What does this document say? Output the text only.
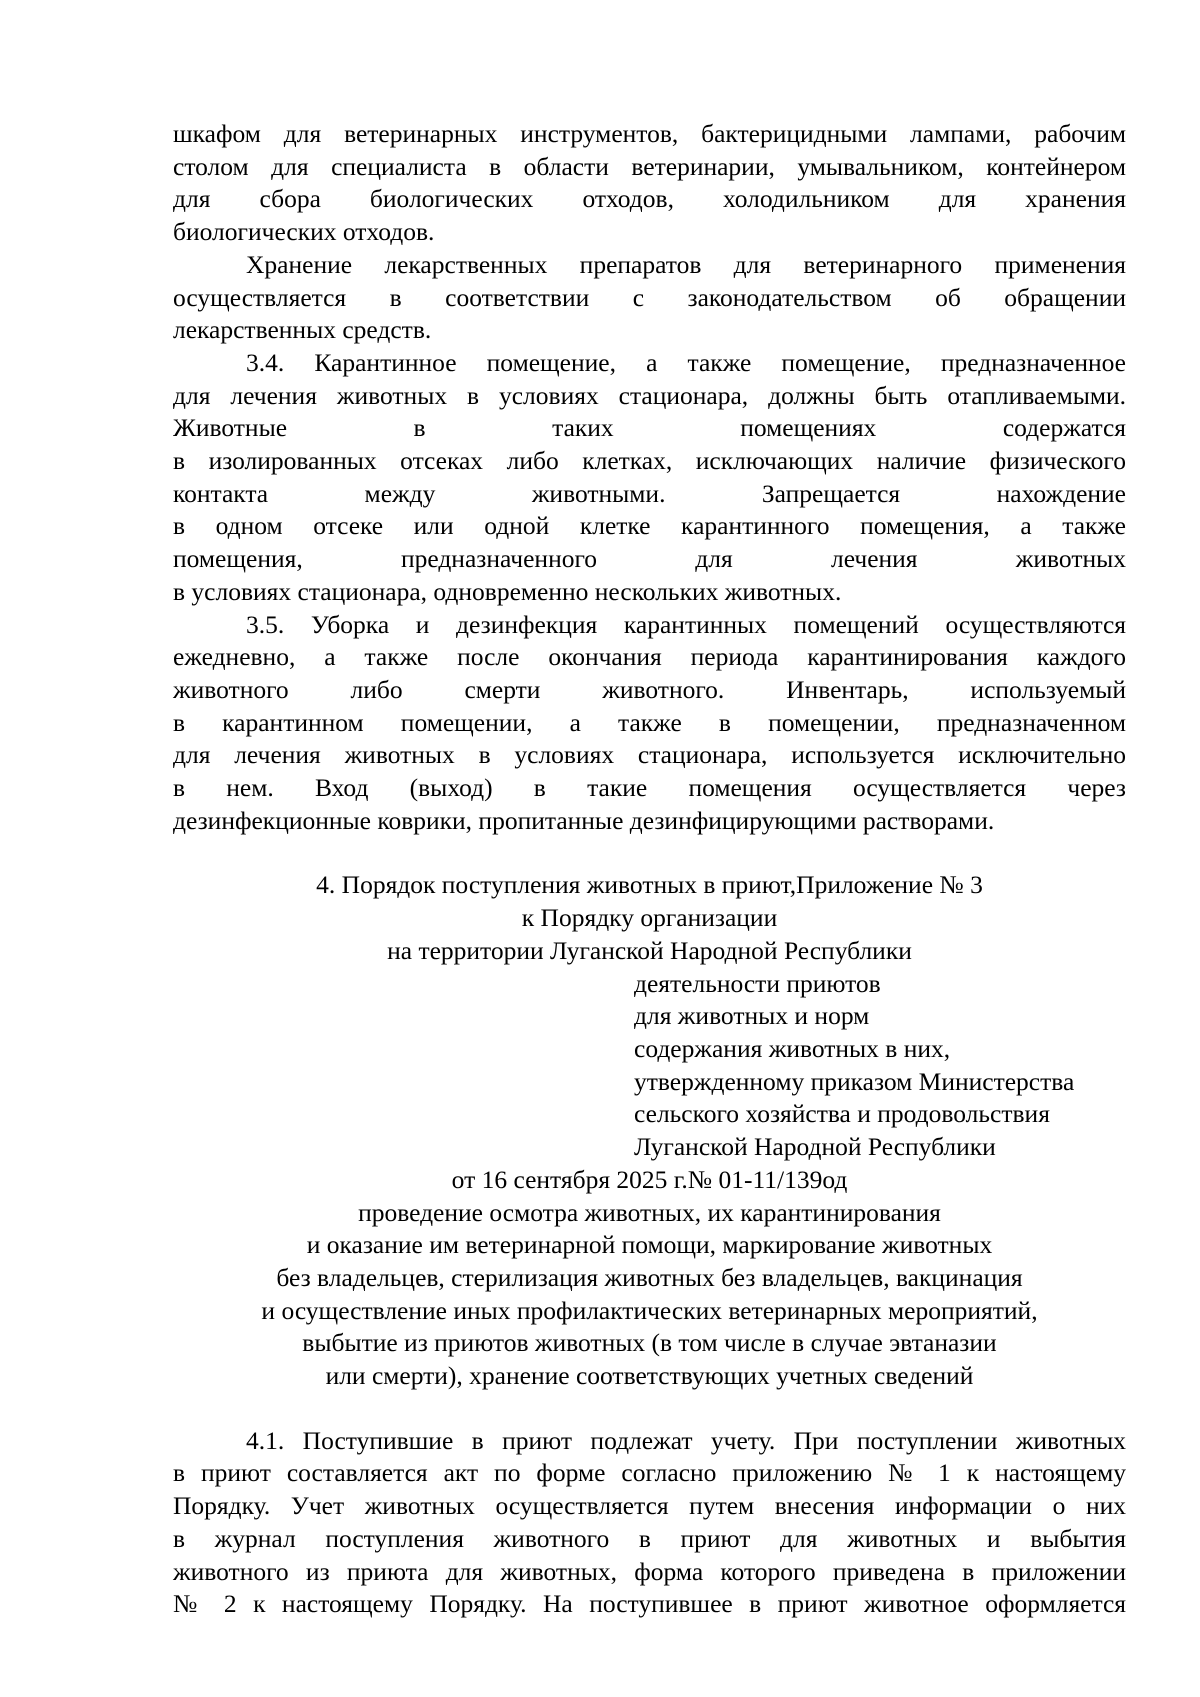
шкафом для ветеринарных инструментов, бактерицидными лампами, рабочим
столом для специалиста в области ветеринарии, умывальником, контейнером
для сбора биологических отходов, холодильником для хранения
биологических отходов.
Хранение лекарственных препаратов для ветеринарного применения
осуществляется в соответствии с законодательством об обращении
лекарственных средств.
3.4. Карантинное помещение, а также помещение, предназначенное
для лечения животных в условиях стационара, должны быть отапливаемыми.
Животные в таких помещениях содержатся
в изолированных отсеках либо клетках, исключающих наличие физического
контакта между животными. Запрещается нахождение
в одном отсеке или одной клетке карантинного помещения, а также
помещения, предназначенного для лечения животных
в условиях стационара, одновременно нескольких животных.
3.5. Уборка и дезинфекция карантинных помещений осуществляются
ежедневно, а также после окончания периода карантинирования каждого
животного либо смерти животного. Инвентарь, используемый
в карантинном помещении, а также в помещении, предназначенном
для лечения животных в условиях стационара, используется исключительно
в нем. Вход (выход) в такие помещения осуществляется через
дезинфекционные коврики, пропитанные дезинфицирующими растворами.
4. Порядок поступления животных в приют,Приложение № 3
к Порядку организации
на территории Луганской Народной Республики
деятельности приютов
для животных и норм
содержания животных в них,
утвержденному приказом Министерства
сельского хозяйства и продовольствия
Луганской Народной Республики
от 16 сентября 2025 г.№ 01-11/139од
проведение осмотра животных, их карантинирования
и оказание им ветеринарной помощи, маркирование животных
без владельцев, стерилизация животных без владельцев, вакцинация
и осуществление иных профилактических ветеринарных мероприятий,
выбытие из приютов животных (в том числе в случае эвтаназии
или смерти), хранение соответствующих учетных сведений
4.1. Поступившие в приют подлежат учету. При поступлении животных
в приют составляется акт по форме согласно приложению № 1 к настоящему
Порядку. Учет животных осуществляется путем внесения информации о них
в журнал поступления животного в приют для животных и выбытия
животного из приюта для животных, форма которого приведена в приложении
№ 2 к настоящему Порядку. На поступившее в приют животное оформляется
